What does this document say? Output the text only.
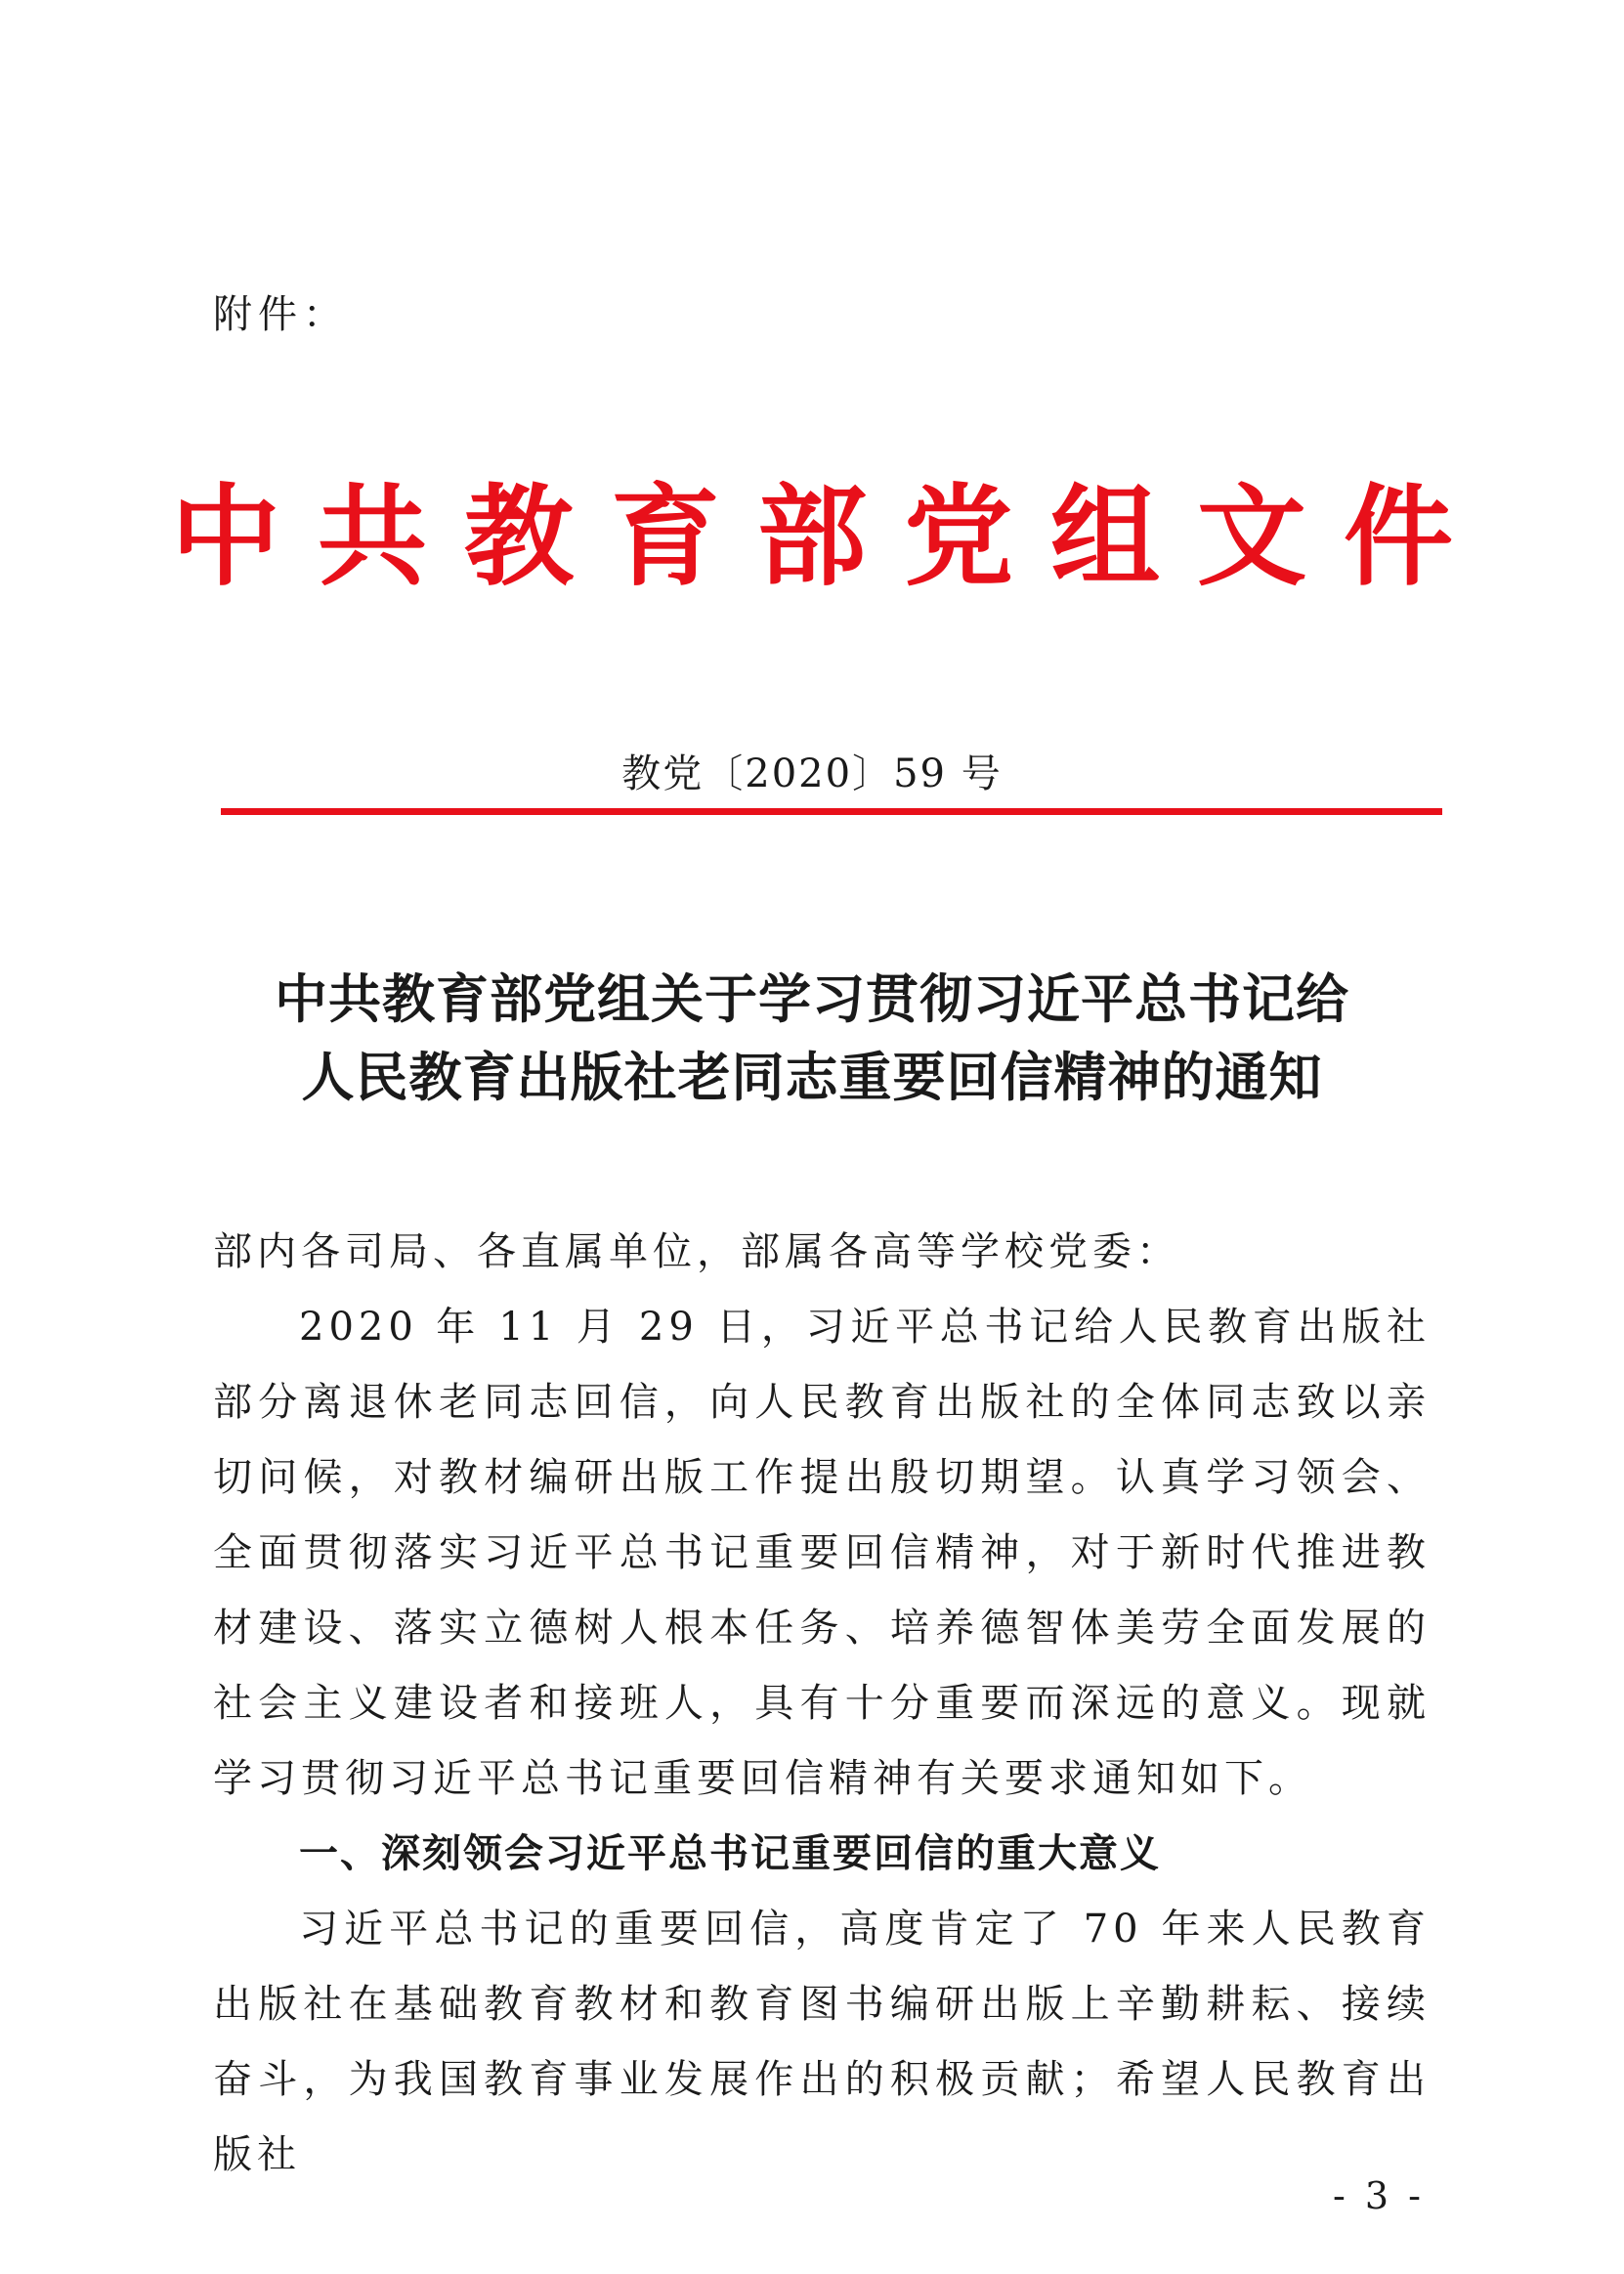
附件：
中共教育部党组文件
教党〔2020〕59 号
中共教育部党组关于学习贯彻习近平总书记给
人民教育出版社老同志重要回信精神的通知

部内各司局、各直属单位，部属各高等学校党委：

2020 年 11 月 29 日，习近平总书记给人民教育出版社部分离退休老同志回信，向人民教育出版社的全体同志致以亲切问候，对教材编研出版工作提出殷切期望。认真学习领会、全面贯彻落实习近平总书记重要回信精神，对于新时代推进教材建设、落实立德树人根本任务、培养德智体美劳全面发展的社会主义建设者和接班人，具有十分重要而深远的意义。现就学习贯彻习近平总书记重要回信精神有关要求通知如下。

一、深刻领会习近平总书记重要回信的重大意义

习近平总书记的重要回信，高度肯定了 70 年来人民教育出版社在基础教育教材和教育图书编研出版上辛勤耕耘、接续奋斗，为我国教育事业发展作出的积极贡献；希望人民教育出版社

- 3 -
